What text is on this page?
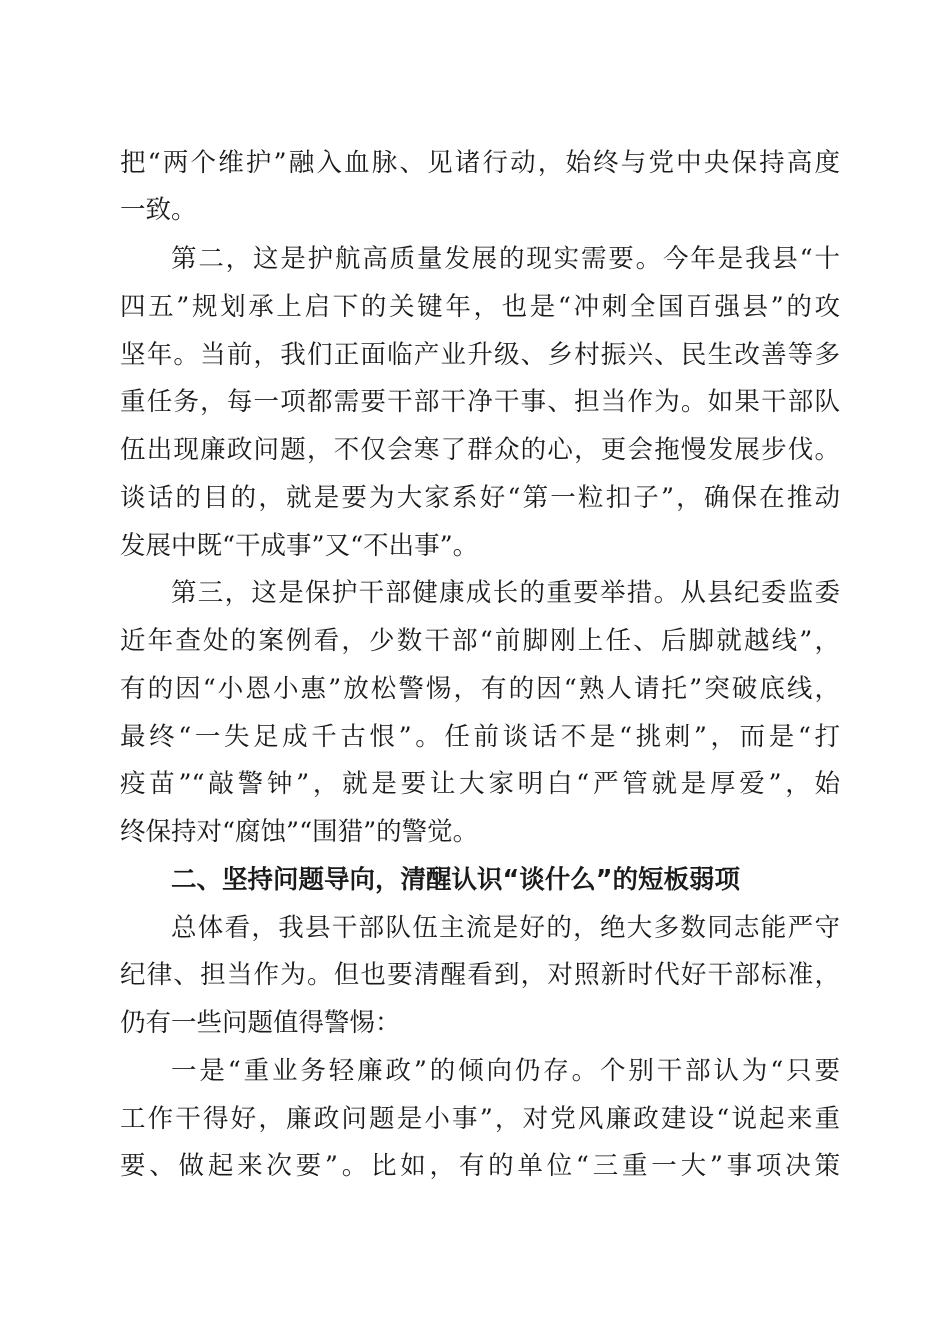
把“两个维护”融入血脉、见诸行动，始终与党中央保持高度
一致。
第二，这是护航高质量发展的现实需要。今年是我县“十
四五”规划承上启下的关键年，也是“冲刺全国百强县”的攻
坚年。当前，我们正面临产业升级、乡村振兴、民生改善等多
重任务，每一项都需要干部干净干事、担当作为。如果干部队
伍出现廉政问题，不仅会寒了群众的心，更会拖慢发展步伐。
谈话的目的，就是要为大家系好“第一粒扣子”，确保在推动
发展中既“干成事”又“不出事”。
第三，这是保护干部健康成长的重要举措。从县纪委监委
近年查处的案例看，少数干部“前脚刚上任、后脚就越线”，
有的因“小恩小惠”放松警惕，有的因“熟人请托”突破底线，
最终“一失足成千古恨”。任前谈话不是“挑刺”，而是“打
疫苗”“敲警钟”，就是要让大家明白“严管就是厚爱”，始
终保持对“腐蚀”“围猎”的警觉。
二、坚持问题导向，清醒认识“谈什么”的短板弱项
总体看，我县干部队伍主流是好的，绝大多数同志能严守
纪律、担当作为。但也要清醒看到，对照新时代好干部标准，
仍有一些问题值得警惕：
一是“重业务轻廉政”的倾向仍存。个别干部认为“只要
工作干得好，廉政问题是小事”，对党风廉政建设“说起来重
要、做起来次要”。比如，有的单位“三重一大”事项决策
